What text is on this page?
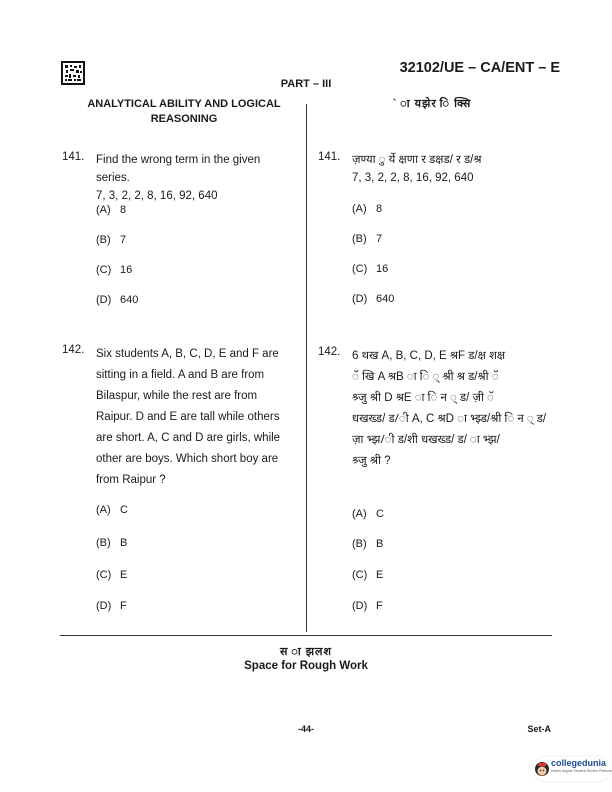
32102/UE – CA/ENT – E
PART – III
ANALYTICAL ABILITY AND LOGICAL REASONING
` ा यझेर ि क्सि
141. Find the wrong term in the given series.
7, 3, 2, 2, 8, 16, 92, 640
(A) 8
(B) 7
(C) 16
(D) 640
141. ज़ण्या ु र्ये क्षणा र डक्षड/ र ड/श्र
7, 3, 2, 2, 8, 16, 92, 640
(A) 8
(B) 7
(C) 16
(D) 640
142. Six students A, B, C, D, E and F are
sitting in a field. A and B are from
Bilaspur, while the rest are from
Raipur. D and E are tall while others
are short. A, C and D are girls, while
other are boys. Which short boy are
from Raipur ?
(A) C
(B) B
(C) E
(D) F
142. 6 थख A, B, C, D, E श्रF ड/क्ष शक्ष
ॅ खि A श्रB ा ि ् श्री श्र ड/श्री ॅ
श्र्जु श्री D श्रE ा ि न ् ड/ ज़ी ॅ
धखख्ड/ ड/ी A, C श्रD ा भ्झ्ड/श्री ि न ् ड/
ज़ा भ्झ/ी ड/शी धखख्ड/ ड/ ा भ्झ/
श्र्जु श्री ?
(A) C
(B) B
(C) E
(D) F
स ा झलश
Space for Rough Work
-44-	Set-A
collegedunia
India's largest Student Review Platform
